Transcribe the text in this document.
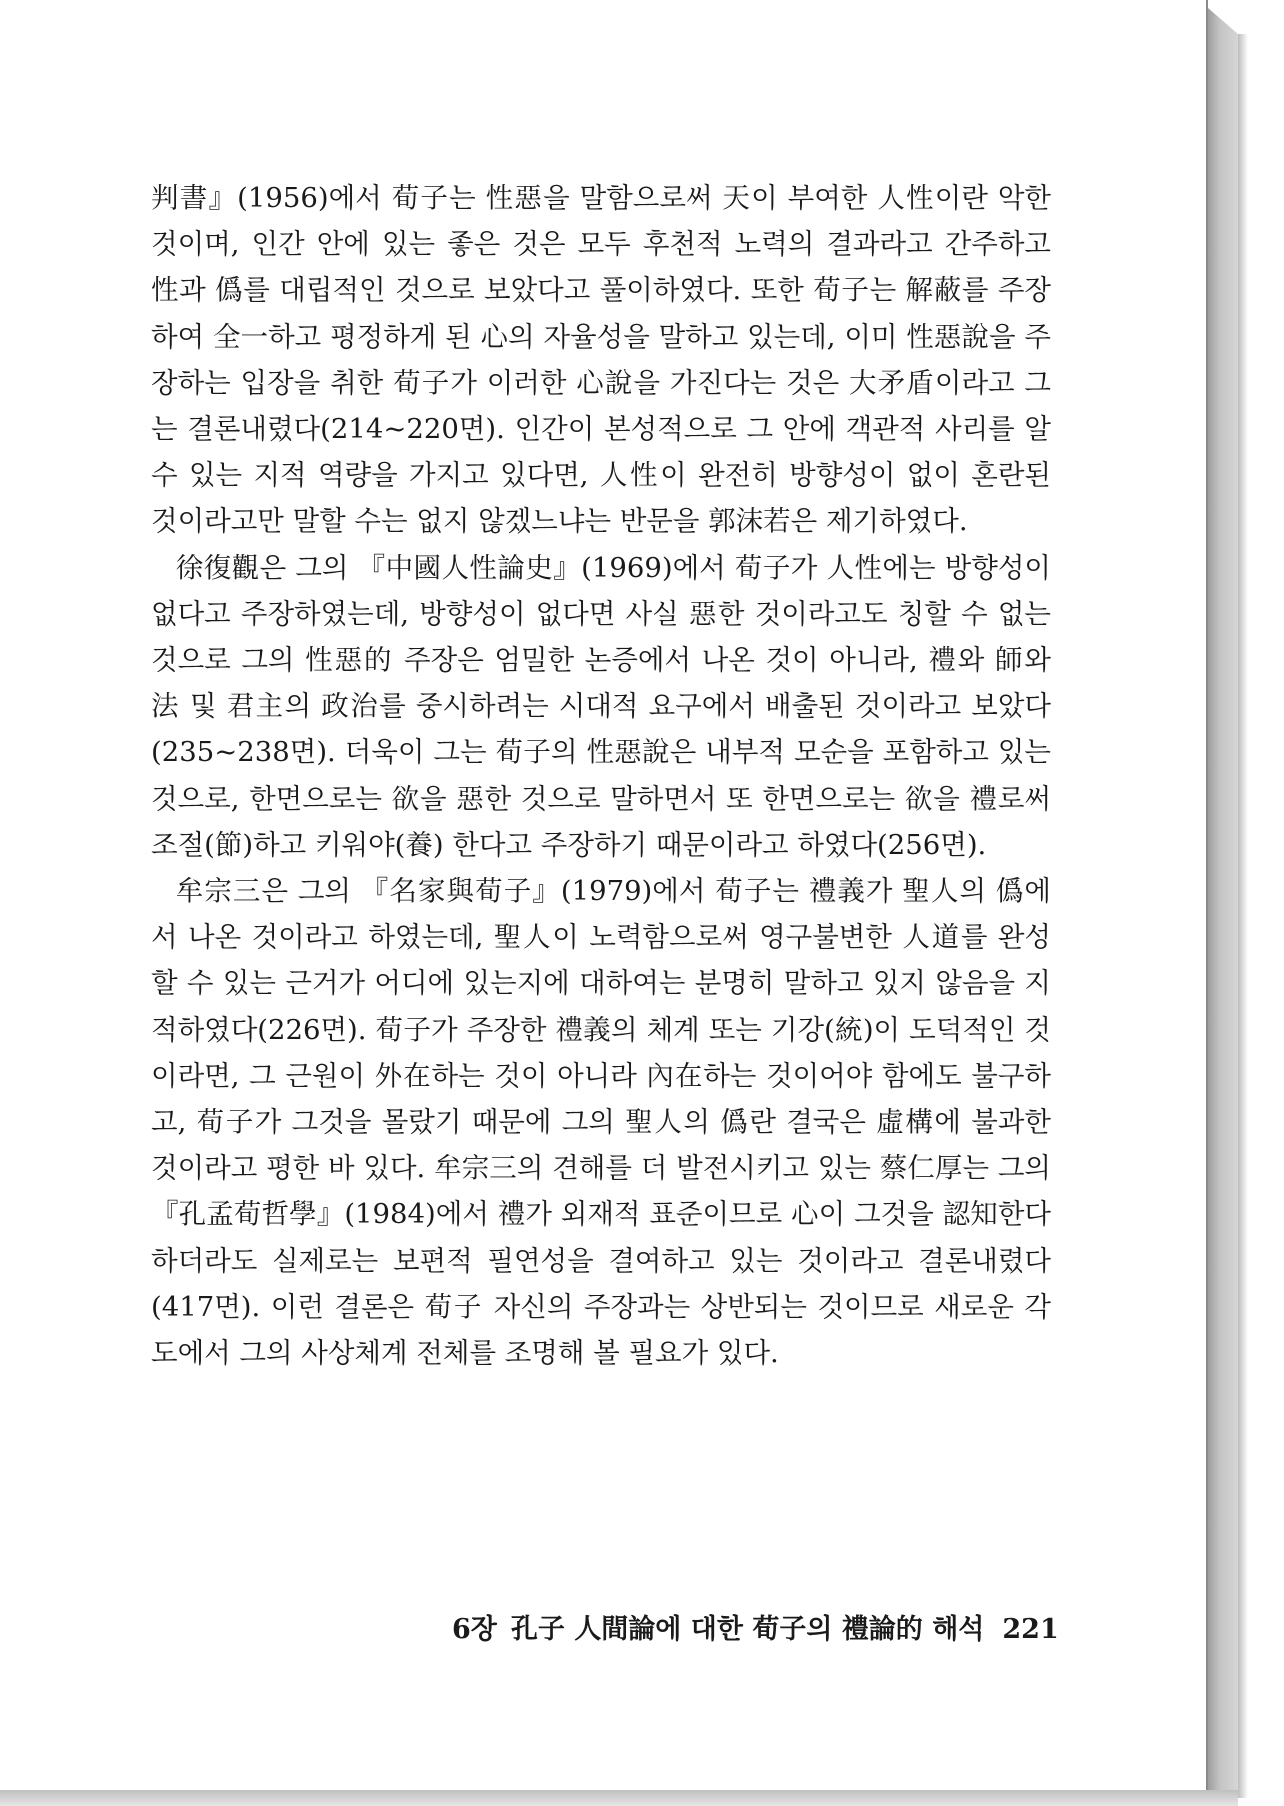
判書』(1956)에서 荀子는 性惡을 말함으로써 天이 부여한 人性이란 악한 것이며, 인간 안에 있는 좋은 것은 모두 후천적 노력의 결과라고 간주하고 性과 僞를 대립적인 것으로 보았다고 풀이하였다. 또한 荀子는 解蔽를 주장하여 全一하고 평정하게 된 心의 자율성을 말하고 있는데, 이미 性惡說을 주장하는 입장을 취한 荀子가 이러한 心說을 가진다는 것은 大矛盾이라고 그는 결론내렸다(214~220면). 인간이 본성적으로 그 안에 객관적 사리를 알 수 있는 지적 역량을 가지고 있다면, 人性이 완전히 방향성이 없이 혼란된 것이라고만 말할 수는 없지 않겠느냐는 반문을 郭沫若은 제기하였다.

徐復觀은 그의 『中國人性論史』(1969)에서 荀子가 人性에는 방향성이 없다고 주장하였는데, 방향성이 없다면 사실 惡한 것이라고도 칭할 수 없는 것으로 그의 性惡的 주장은 엄밀한 논증에서 나온 것이 아니라, 禮와 師와 法 및 君主의 政治를 중시하려는 시대적 요구에서 배출된 것이라고 보았다(235~238면). 더욱이 그는 荀子의 性惡說은 내부적 모순을 포함하고 있는 것으로, 한면으로는 欲을 惡한 것으로 말하면서 또 한면으로는 欲을 禮로써 조절(節)하고 키워야(養) 한다고 주장하기 때문이라고 하였다(256면).

牟宗三은 그의 『名家與荀子』(1979)에서 荀子는 禮義가 聖人의 僞에서 나온 것이라고 하였는데, 聖人이 노력함으로써 영구불변한 人道를 완성할 수 있는 근거가 어디에 있는지에 대하여는 분명히 말하고 있지 않음을 지적하였다(226면). 荀子가 주장한 禮義의 체계 또는 기강(統)이 도덕적인 것이라면, 그 근원이 外在하는 것이 아니라 內在하는 것이어야 함에도 불구하고, 荀子가 그것을 몰랐기 때문에 그의 聖人의 僞란 결국은 虛構에 불과한 것이라고 평한 바 있다. 牟宗三의 견해를 더 발전시키고 있는 蔡仁厚는 그의 『孔孟荀哲學』(1984)에서 禮가 외재적 표준이므로 心이 그것을 認知한다 하더라도 실제로는 보편적 필연성을 결여하고 있는 것이라고 결론내렸다(417면). 이런 결론은 荀子 자신의 주장과는 상반되는 것이므로 새로운 각도에서 그의 사상체계 전체를 조명해 볼 필요가 있다.

6장 孔子 人間論에 대한 荀子의 禮論的 해석 221
